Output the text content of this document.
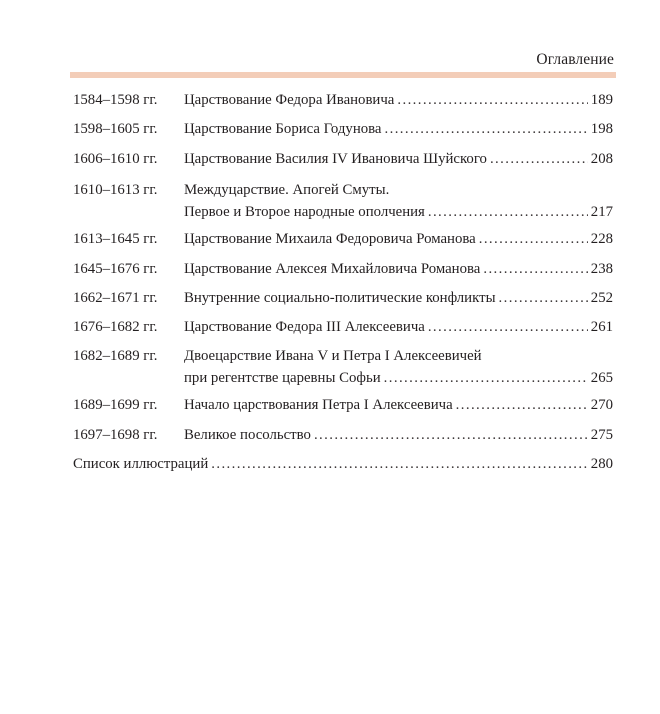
Оглавление
1584–1598 гг. Царствование Федора Ивановича .....	189
1598–1605 гг. Царствование Бориса Годунова .....	198
1606–1610 гг. Царствование Василия IV Ивановича Шуйского .....	208
1610–1613 гг. Междуцарствие. Апогей Смуты.
Первое и Второе народные ополчения .....	217
1613–1645 гг. Царствование Михаила Федоровича Романова .....	228
1645–1676 гг. Царствование Алексея Михайловича Романова .....	238
1662–1671 гг. Внутренние социально-политические конфликты .....	252
1676–1682 гг. Царствование Федора III Алексеевича .....	261
1682–1689 гг. Двоецарствие Ивана V и Петра I Алексеевичей
при регентстве царевны Софьи .....	265
1689–1699 гг. Начало царствования Петра I Алексеевича .....	270
1697–1698 гг. Великое посольство .....	275
Список иллюстраций .....	280
